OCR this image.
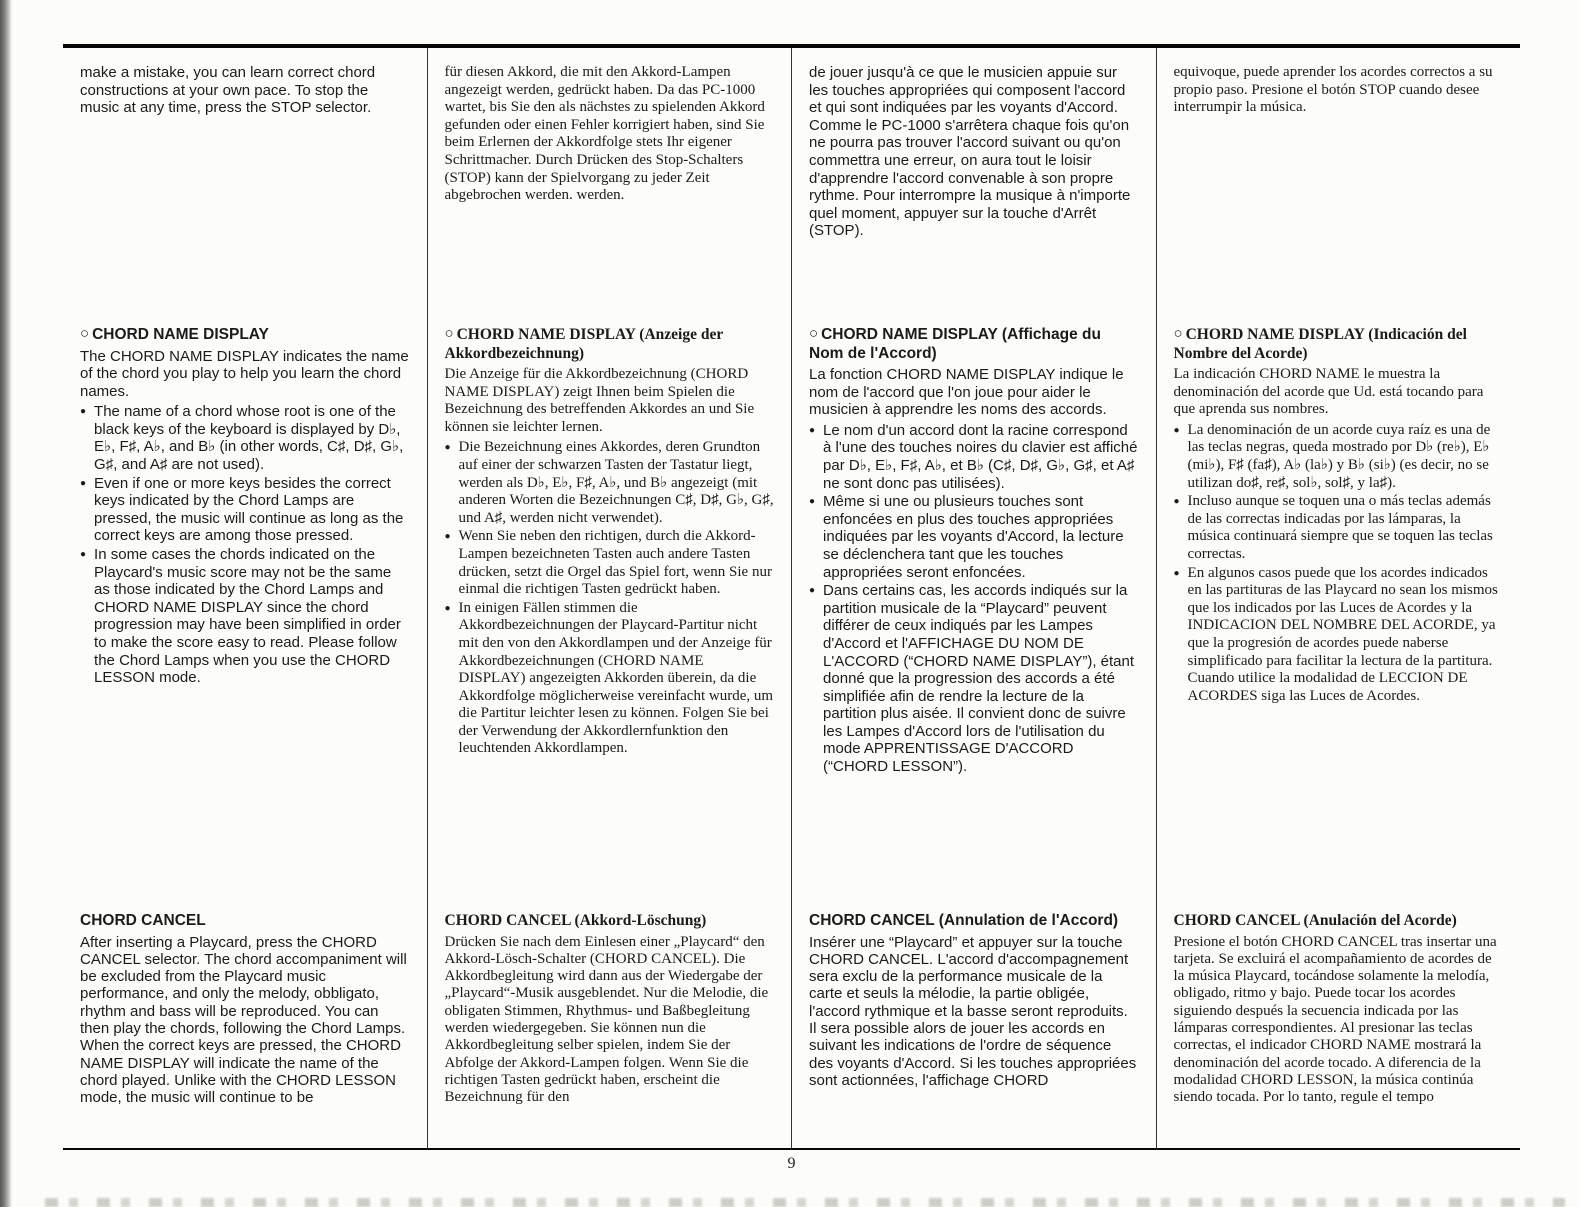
make a mistake, you can learn correct chord constructions at your own pace. To stop the music at any time, press the STOP selector.

○ CHORD NAME DISPLAY

The CHORD NAME DISPLAY indicates the name of the chord you play to help you learn the chord names.

● The name of a chord whose root is one of the black keys of the keyboard is displayed by D♭, E♭, F♯, A♭, and B♭ (in other words, C♯, D♯, G♭, G♯, and A♯ are not used).
● Even if one or more keys besides the correct keys indicated by the Chord Lamps are pressed, the music will continue as long as the correct keys are among those pressed.
● In some cases the chords indicated on the Playcard's music score may not be the same as those indicated by the Chord Lamps and CHORD NAME DISPLAY since the chord progression may have been simplified in order to make the score easy to read. Please follow the Chord Lamps when you use the CHORD LESSON mode.
CHORD CANCEL

After inserting a Playcard, press the CHORD CANCEL selector. The chord accompaniment will be excluded from the Playcard music performance, and only the melody, obbligato, rhythm and bass will be reproduced. You can then play the chords, following the Chord Lamps. When the correct keys are pressed, the CHORD NAME DISPLAY will indicate the name of the chord played. Unlike with the CHORD LESSON mode, the music will continue to be

für diesen Akkord, die mit den Akkord-Lampen angezeigt werden, gedrückt haben. Da das PC-1000 wartet, bis Sie den als nächstes zu spielenden Akkord gefunden oder einen Fehler korrigiert haben, sind Sie beim Erlernen der Akkordfolge stets Ihr eigener Schrittmacher. Durch Drücken des Stop-Schalters (STOP) kann der Spielvorgang zu jeder Zeit abgebrochen werden. werden.

○ CHORD NAME DISPLAY (Anzeige der Akkordbezeichnung)

Die Anzeige für die Akkordbezeichnung (CHORD NAME DISPLAY) zeigt Ihnen beim Spielen die Bezeichnung des betreffenden Akkordes an und Sie können sie leichter lernen.

● Die Bezeichnung eines Akkordes, deren Grundton auf einer der schwarzen Tasten der Tastatur liegt, werden als D♭, E♭, F♯, A♭, und B♭ angezeigt (mit anderen Worten die Bezeichnungen C♯, D♯, G♭, G♯, und A♯, werden nicht verwendet).
● Wenn Sie neben den richtigen, durch die Akkord-Lampen bezeichneten Tasten auch andere Tasten drücken, setzt die Orgel das Spiel fort, wenn Sie nur einmal die richtigen Tasten gedrückt haben.
● In einigen Fällen stimmen die Akkordbezeichnungen der Playcard-Partitur nicht mit den von den Akkordlampen und der Anzeige für Akkordbezeichnungen (CHORD NAME DISPLAY) angezeigten Akkorden überein, da die Akkordfolge möglicherweise vereinfacht wurde, um die Partitur leichter lesen zu können. Folgen Sie bei der Verwendung der Akkordlernfunktion den leuchtenden Akkordlampen.
CHORD CANCEL (Akkord-Löschung)

Drücken Sie nach dem Einlesen einer „Playcard“ den Akkord-Lösch-Schalter (CHORD CANCEL). Die Akkordbegleitung wird dann aus der Wiedergabe der „Playcard“-Musik ausgeblendet. Nur die Melodie, die obligaten Stimmen, Rhythmus- und Baßbegleitung werden wiedergegeben. Sie können nun die Akkordbegleitung selber spielen, indem Sie der Abfolge der Akkord-Lampen folgen. Wenn Sie die richtigen Tasten gedrückt haben, erscheint die Bezeichnung für den

de jouer jusqu'à ce que le musicien appuie sur les touches appropriées qui composent l'accord et qui sont indiquées par les voyants d'Accord. Comme le PC-1000 s'arrêtera chaque fois qu'on ne pourra pas trouver l'accord suivant ou qu'on commettra une erreur, on aura tout le loisir d'apprendre l'accord convenable à son propre rythme. Pour interrompre la musique à n'importe quel moment, appuyer sur la touche d'Arrêt (STOP).

○ CHORD NAME DISPLAY (Affichage du Nom de l'Accord)

La fonction CHORD NAME DISPLAY indique le nom de l'accord que l'on joue pour aider le musicien à apprendre les noms des accords.

● Le nom d'un accord dont la racine correspond à l'une des touches noires du clavier est affiché par D♭, E♭, F♯, A♭, et B♭ (C♯, D♯, G♭, G♯, et A♯ ne sont donc pas utilisées).
● Même si une ou plusieurs touches sont enfoncées en plus des touches appropriées indiquées par les voyants d'Accord, la lecture se déclenchera tant que les touches appropriées seront enfoncées.
● Dans certains cas, les accords indiqués sur la partition musicale de la “Playcard” peuvent différer de ceux indiqués par les Lampes d'Accord et l'AFFICHAGE DU NOM DE L'ACCORD (“CHORD NAME DISPLAY”), étant donné que la progression des accords a été simplifiée afin de rendre la lecture de la partition plus aisée. Il convient donc de suivre les Lampes d'Accord lors de l'utilisation du mode APPRENTISSAGE D'ACCORD (“CHORD LESSON”).
CHORD CANCEL (Annulation de l'Accord)

Insérer une “Playcard” et appuyer sur la touche CHORD CANCEL. L'accord d'accompagnement sera exclu de la performance musicale de la carte et seuls la mélodie, la partie obligée, l'accord rythmique et la basse seront reproduits. Il sera possible alors de jouer les accords en suivant les indications de l'ordre de séquence des voyants d'Accord. Si les touches appropriées sont actionnées, l'affichage CHORD

equivoque, puede aprender los acordes correctos a su propio paso. Presione el botón STOP cuando desee interrumpir la música.

○ CHORD NAME DISPLAY (Indicación del Nombre del Acorde)

La indicación CHORD NAME le muestra la denominación del acorde que Ud. está tocando para que aprenda sus nombres.

● La denominación de un acorde cuya raíz es una de las teclas negras, queda mostrado por D♭ (re♭), E♭ (mi♭), F♯ (fa♯), A♭ (la♭) y B♭ (si♭) (es decir, no se utilizan do♯, re♯, sol♭, sol♯, y la♯).
● Incluso aunque se toquen una o más teclas además de las correctas indicadas por las lámparas, la música continuará siempre que se toquen las teclas correctas.
● En algunos casos puede que los acordes indicados en las partituras de las Playcard no sean los mismos que los indicados por las Luces de Acordes y la INDICACION DEL NOMBRE DEL ACORDE, ya que la progresión de acordes puede naberse simplificado para facilitar la lectura de la partitura. Cuando utilice la modalidad de LECCION DE ACORDES siga las Luces de Acordes.
CHORD CANCEL (Anulación del Acorde)

Presione el botón CHORD CANCEL tras insertar una tarjeta. Se excluirá el acompañamiento de acordes de la música Playcard, tocándose solamente la melodía, obligado, ritmo y bajo. Puede tocar los acordes siguiendo después la secuencia indicada por las lámparas correspondientes. Al presionar las teclas correctas, el indicador CHORD NAME mostrará la denominación del acorde tocado. A diferencia de la modalidad CHORD LESSON, la música continúa siendo tocada. Por lo tanto, regule el tempo

9
